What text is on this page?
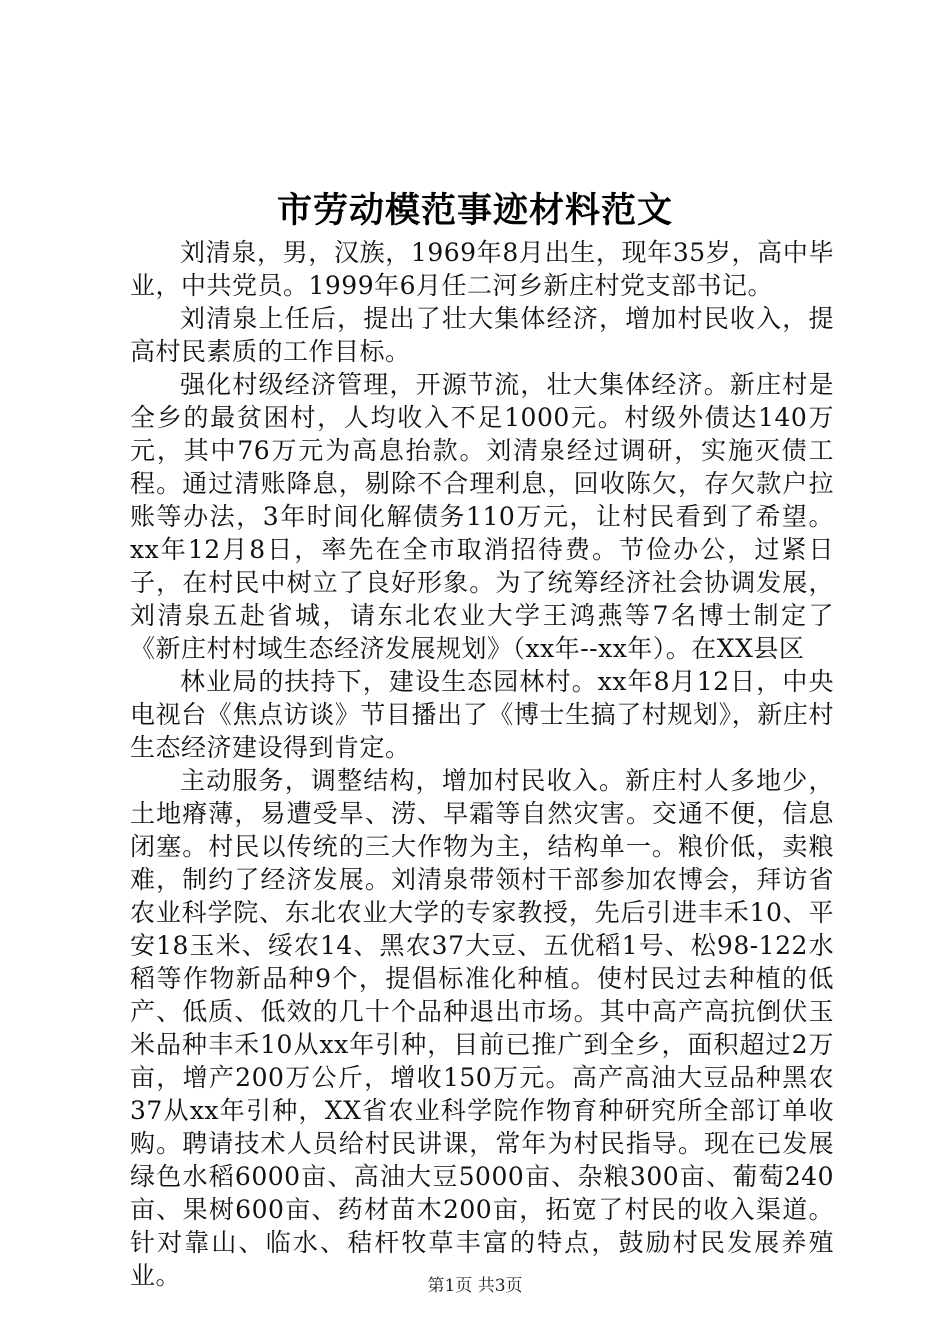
市劳动模范事迹材料范文

刘清泉，男，汉族，1969年8月出生，现年35岁，高中毕业，中共党员。1999年6月任二河乡新庄村党支部书记。

刘清泉上任后，提出了壮大集体经济，增加村民收入，提高村民素质的工作目标。

强化村级经济管理，开源节流，壮大集体经济。新庄村是全乡的最贫困村，人均收入不足1000元。村级外债达140万元，其中76万元为高息抬款。刘清泉经过调研，实施灭债工程。通过清账降息，剔除不合理利息，回收陈欠，存欠款户拉账等办法，3年时间化解债务110万元，让村民看到了希望。xx年12月8日，率先在全市取消招待费。节俭办公，过紧日子，在村民中树立了良好形象。为了统筹经济社会协调发展，刘清泉五赴省城，请东北农业大学王鸿燕等7名博士制定了《新庄村村域生态经济发展规划》（xx年--xx年）。在XX县区

林业局的扶持下，建设生态园林村。xx年8月12日，中央电视台《焦点访谈》节目播出了《博士生搞了村规划》，新庄村生态经济建设得到肯定。

主动服务，调整结构，增加村民收入。新庄村人多地少，土地瘠薄，易遭受旱、涝、早霜等自然灾害。交通不便，信息闭塞。村民以传统的三大作物为主，结构单一。粮价低，卖粮难，制约了经济发展。刘清泉带领村干部参加农博会，拜访省农业科学院、东北农业大学的专家教授，先后引进丰禾10、平安18玉米、绥农14、黑农37大豆、五优稻1号、松98-122水稻等作物新品种9个，提倡标准化种植。使村民过去种植的低产、低质、低效的几十个品种退出市场。其中高产高抗倒伏玉米品种丰禾10从xx年引种，目前已推广到全乡，面积超过2万亩，增产200万公斤，增收150万元。高产高油大豆品种黑农37从xx年引种，XX省农业科学院作物育种研究所全部订单收购。聘请技术人员给村民讲课，常年为村民指导。现在已发展绿色水稻6000亩、高油大豆5000亩、杂粮300亩、葡萄240亩、果树600亩、药材苗木200亩，拓宽了村民的收入渠道。针对靠山、临水、秸杆牧草丰富的特点，鼓励村民发展养殖业。	第1页 共3页
